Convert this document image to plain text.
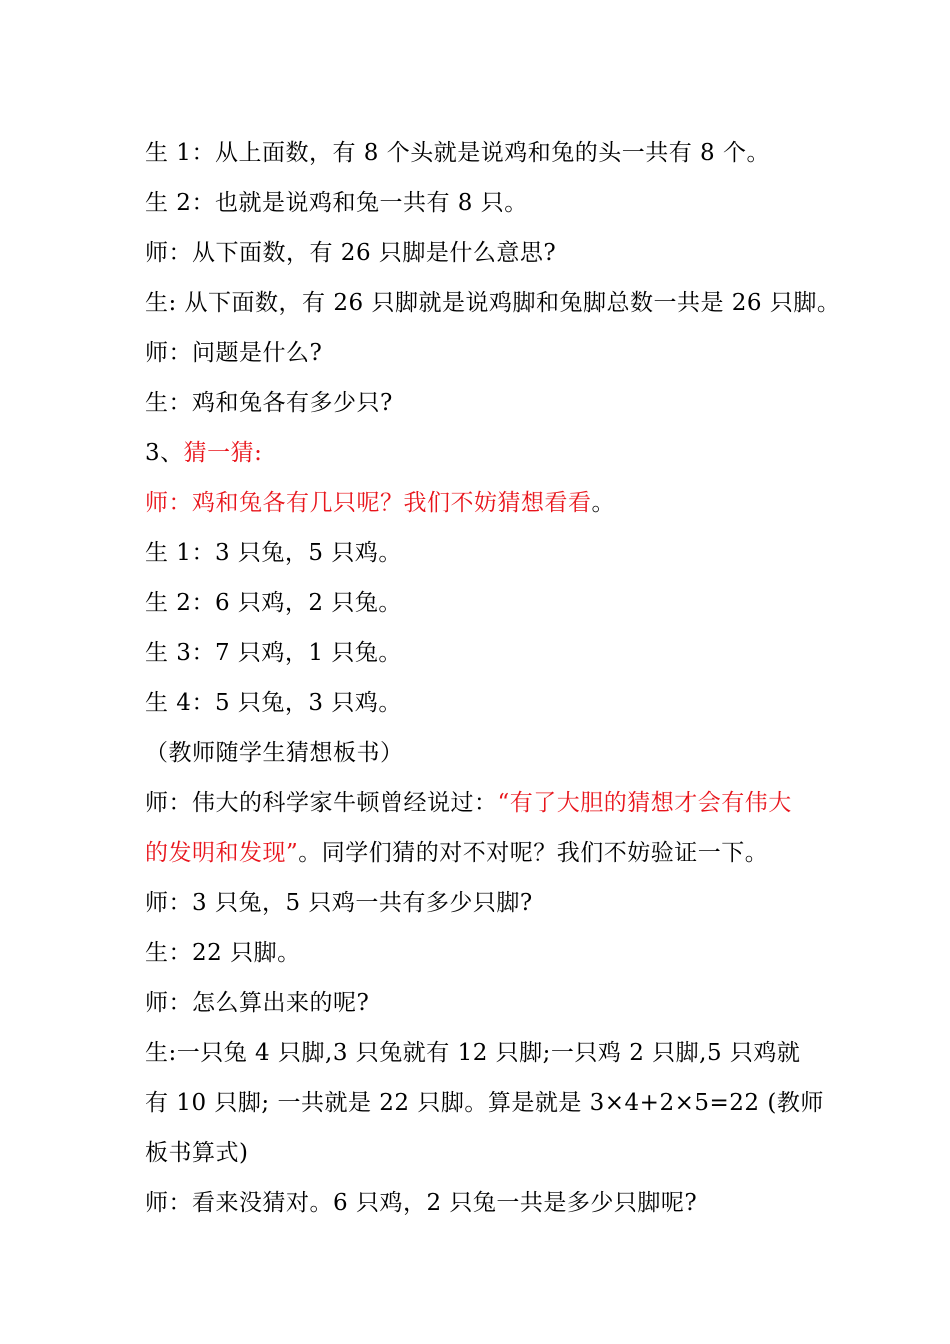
生 1：从上面数，有 8 个头就是说鸡和兔的头一共有 8 个。
生 2：也就是说鸡和兔一共有 8 只。
师：从下面数，有 26 只脚是什么意思?
生: 从下面数，有 26 只脚就是说鸡脚和兔脚总数一共是 26 只脚。
师：问题是什么?
生：鸡和兔各有多少只?
3、猜一猜:
师：鸡和兔各有几只呢？我们不妨猜想看看。
生 1：3 只兔，5 只鸡。
生 2：6 只鸡，2 只兔。
生 3：7 只鸡，1 只兔。
生 4：5 只兔，3 只鸡。
（教师随学生猜想板书）
师：伟大的科学家牛顿曾经说过：“有了大胆的猜想才会有伟大
的发明和发现”。同学们猜的对不对呢？我们不妨验证一下。
师：3 只兔，5 只鸡一共有多少只脚?
生：22 只脚。
师：怎么算出来的呢?
生:一只兔 4 只脚,3 只兔就有 12 只脚;一只鸡 2 只脚,5 只鸡就
有 10 只脚; 一共就是 22 只脚。算是就是 3×4+2×5=22 (教师
板书算式)
师：看来没猜对。6 只鸡，2 只兔一共是多少只脚呢?
